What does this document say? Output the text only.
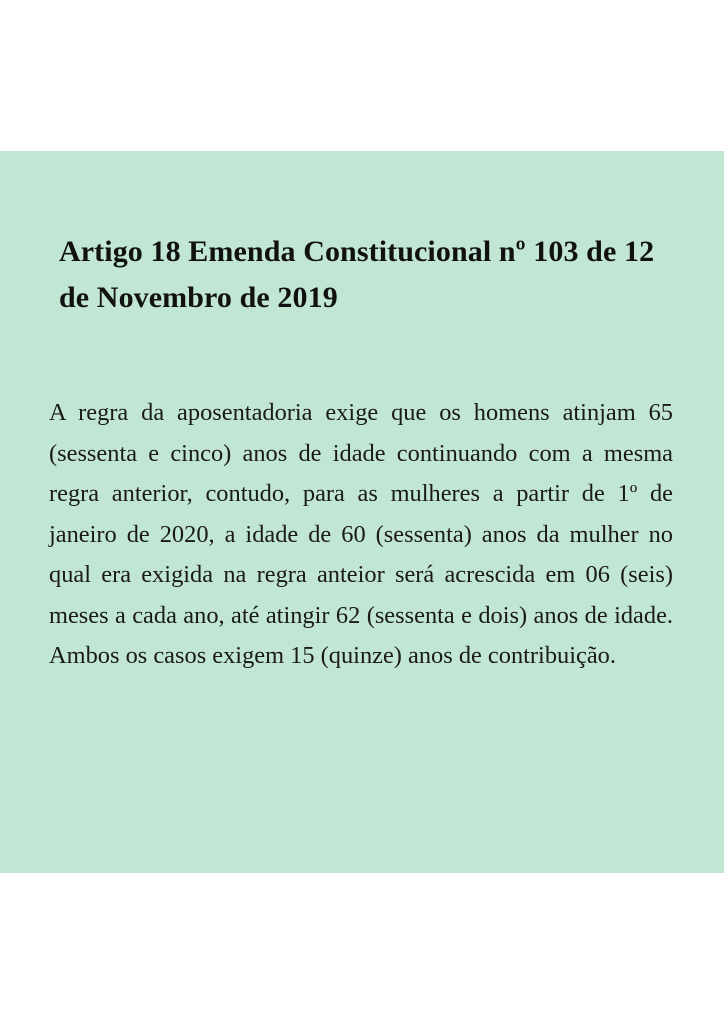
Artigo 18 Emenda Constitucional nº 103 de 12 de Novembro de 2019

A regra da aposentadoria exige que os homens atinjam 65 (sessenta e cinco) anos de idade continuando com a mesma regra anterior, contudo, para as mulheres a partir de 1º de janeiro de 2020, a idade de 60 (sessenta) anos da mulher no qual era exigida na regra anteior será acrescida em 06 (seis) meses a cada ano, até atingir 62 (sessenta e dois) anos de idade. Ambos os casos exigem 15 (quinze) anos de contribuição.
